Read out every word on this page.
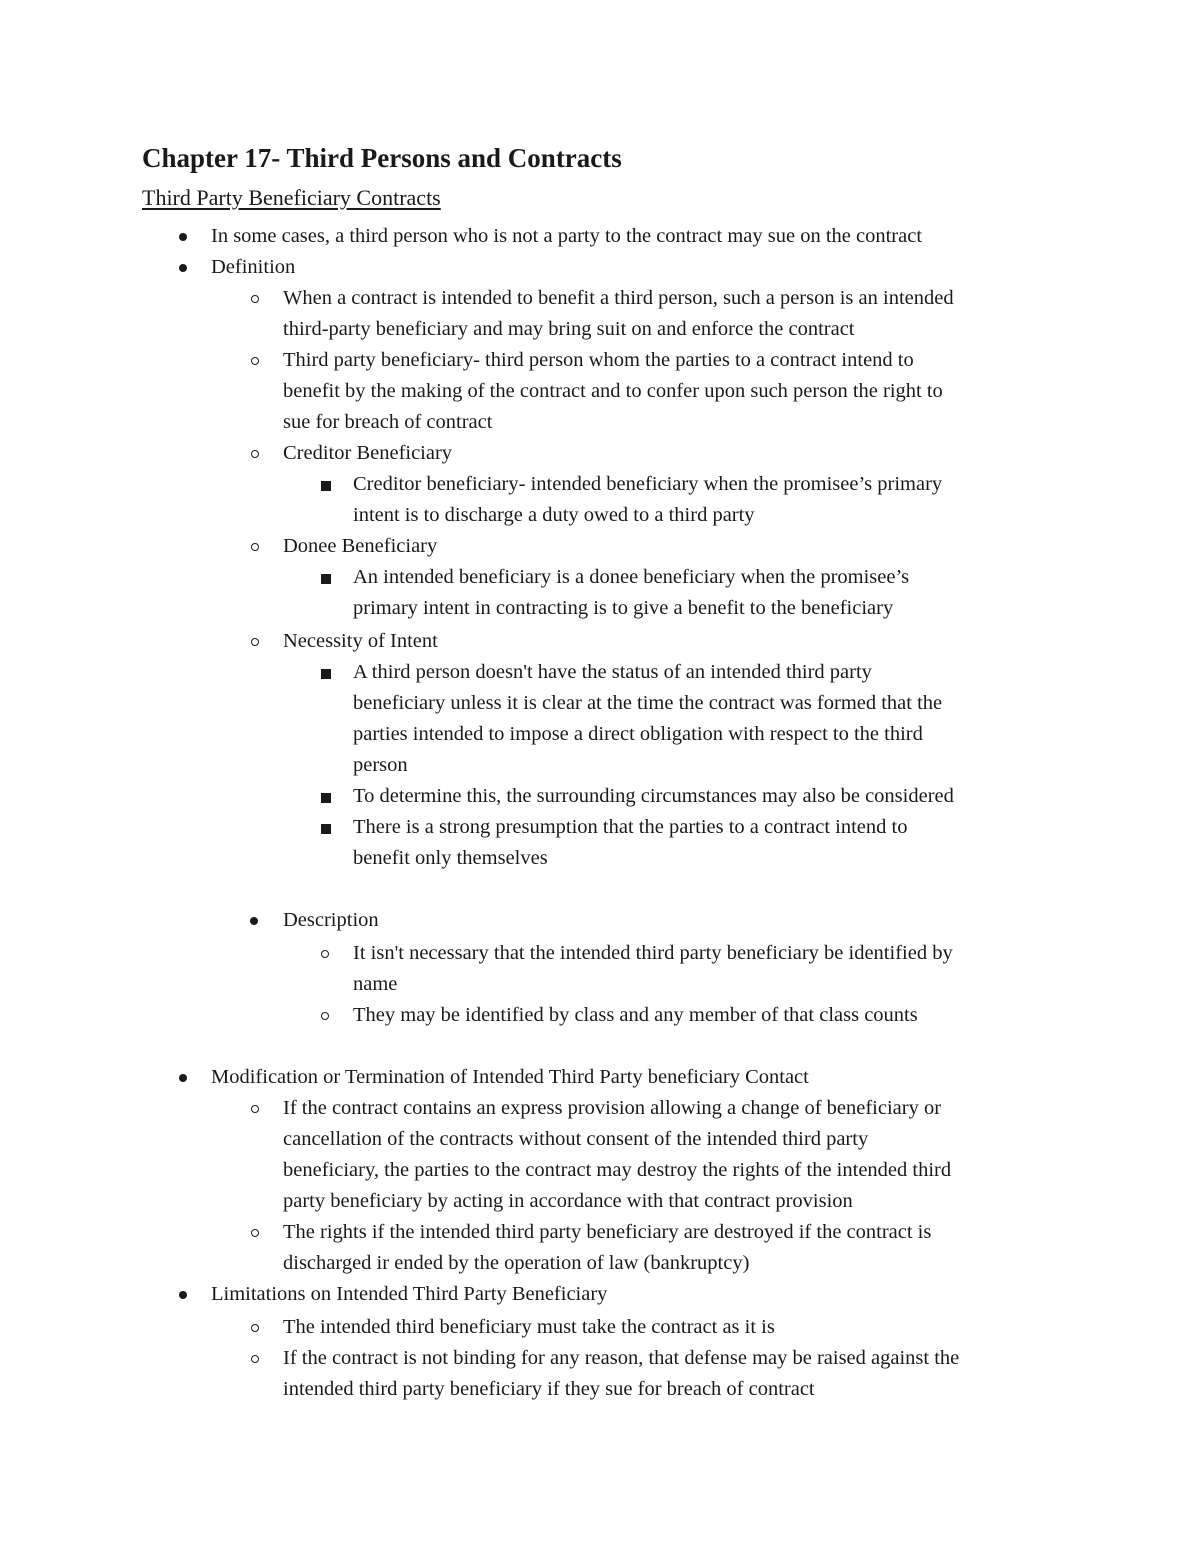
Chapter 17- Third Persons and Contracts
Third Party Beneficiary Contracts
In some cases, a third person who is not a party to the contract may sue on the contract
Definition
When a contract is intended to benefit a third person, such a person is an intended
third-party beneficiary and may bring suit on and enforce the contract
Third party beneficiary- third person whom the parties to a contract intend to
benefit by the making of the contract and to confer upon such person the right to
sue for breach of contract
Creditor Beneficiary
Creditor beneficiary- intended beneficiary when the promisee’s primary
intent is to discharge a duty owed to a third party
Donee Beneficiary
An intended beneficiary is a donee beneficiary when the promisee’s
primary intent in contracting is to give a benefit to the beneficiary
Necessity of Intent
A third person doesn't have the status of an intended third party
beneficiary unless it is clear at the time the contract was formed that the
parties intended to impose a direct obligation with respect to the third
person
To determine this, the surrounding circumstances may also be considered
There is a strong presumption that the parties to a contract intend to
benefit only themselves
Description
It isn't necessary that the intended third party beneficiary be identified by
name
They may be identified by class and any member of that class counts
Modification or Termination of Intended Third Party beneficiary Contact
If the contract contains an express provision allowing a change of beneficiary or
cancellation of the contracts without consent of the intended third party
beneficiary, the parties to the contract may destroy the rights of the intended third
party beneficiary by acting in accordance with that contract provision
The rights if the intended third party beneficiary are destroyed if the contract is
discharged ir ended by the operation of law (bankruptcy)
Limitations on Intended Third Party Beneficiary
The intended third beneficiary must take the contract as it is
If the contract is not binding for any reason, that defense may be raised against the
intended third party beneficiary if they sue for breach of contract
